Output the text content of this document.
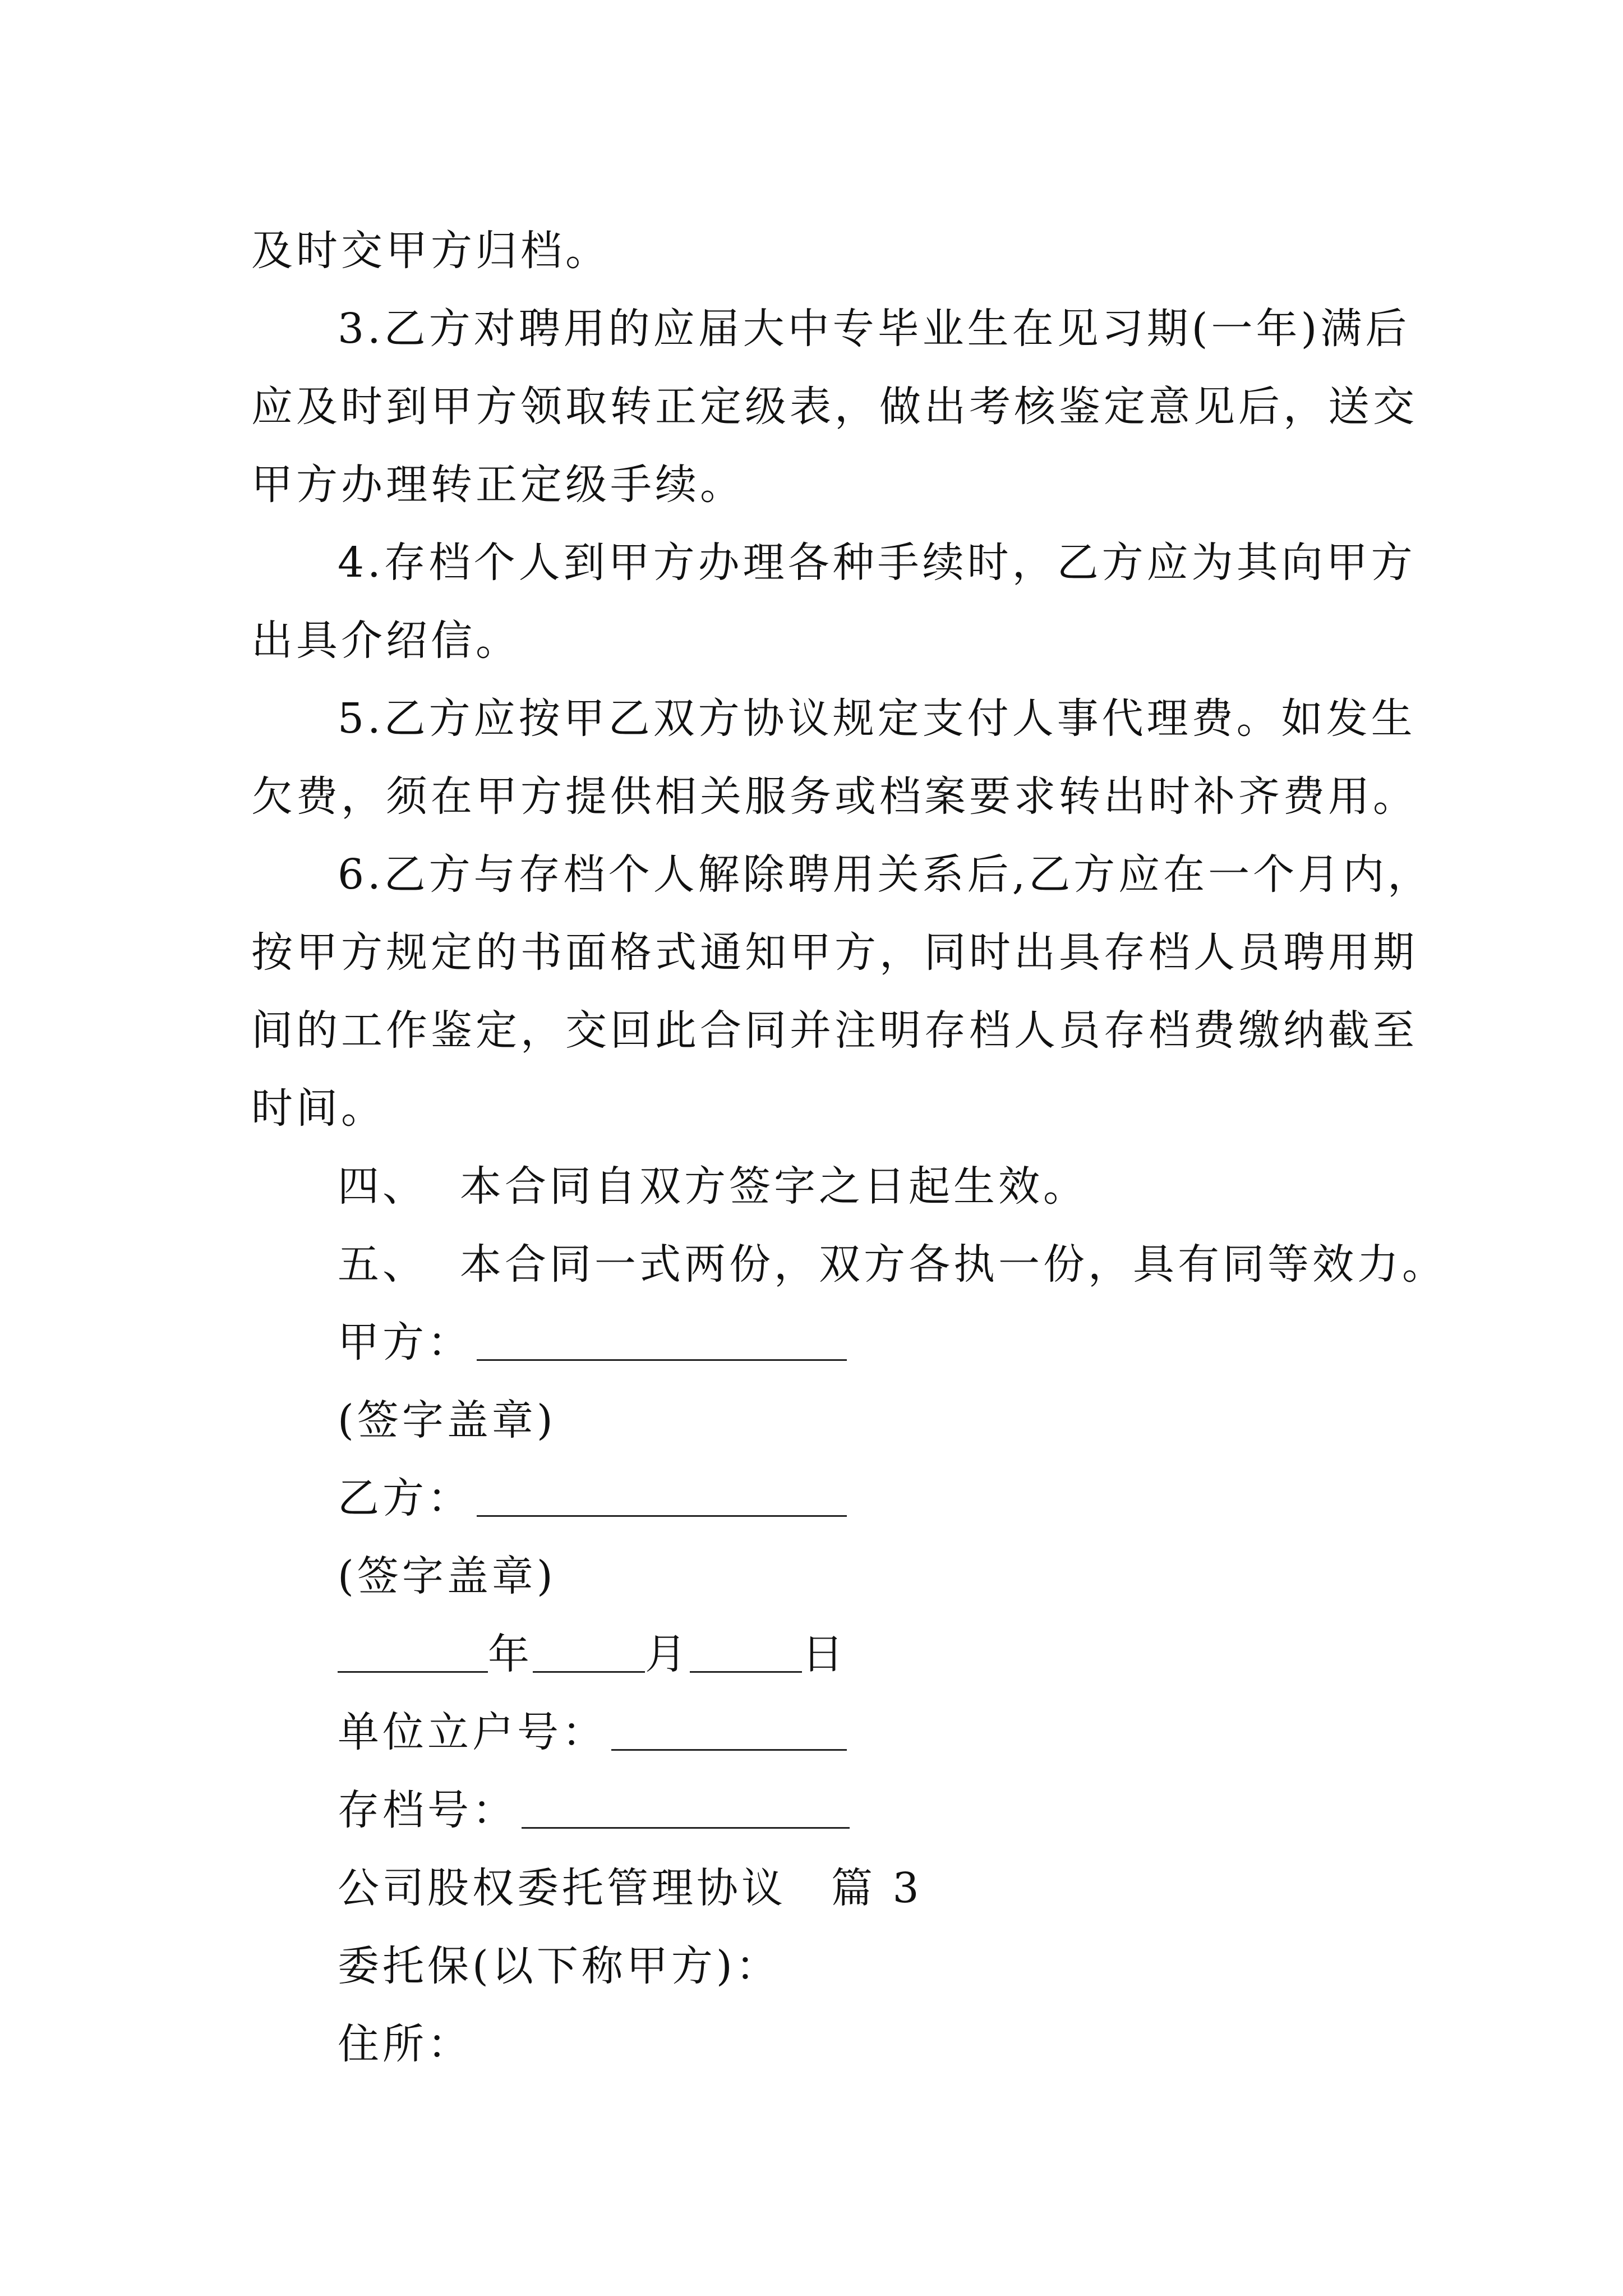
及时交甲方归档。
3.乙方对聘用的应届大中专毕业生在见习期(一年)满后
应及时到甲方领取转正定级表，做出考核鉴定意见后，送交
甲方办理转正定级手续。
4.存档个人到甲方办理各种手续时，乙方应为其向甲方
出具介绍信。
5.乙方应按甲乙双方协议规定支付人事代理费。如发生
欠费，须在甲方提供相关服务或档案要求转出时补齐费用。
6.乙方与存档个人解除聘用关系后,乙方应在一个月内，
按甲方规定的书面格式通知甲方，同时出具存档人员聘用期
间的工作鉴定，交回此合同并注明存档人员存档费缴纳截至
时间。
四、 本合同自双方签字之日起生效。
五、 本合同一式两份，双方各执一份，具有同等效力。
甲方：
(签字盖章)
乙方：
(签字盖章)
年	月	日
单位立户号：
存档号：
公司股权委托管理协议  篇 3
委托保(以下称甲方)：
住所：
